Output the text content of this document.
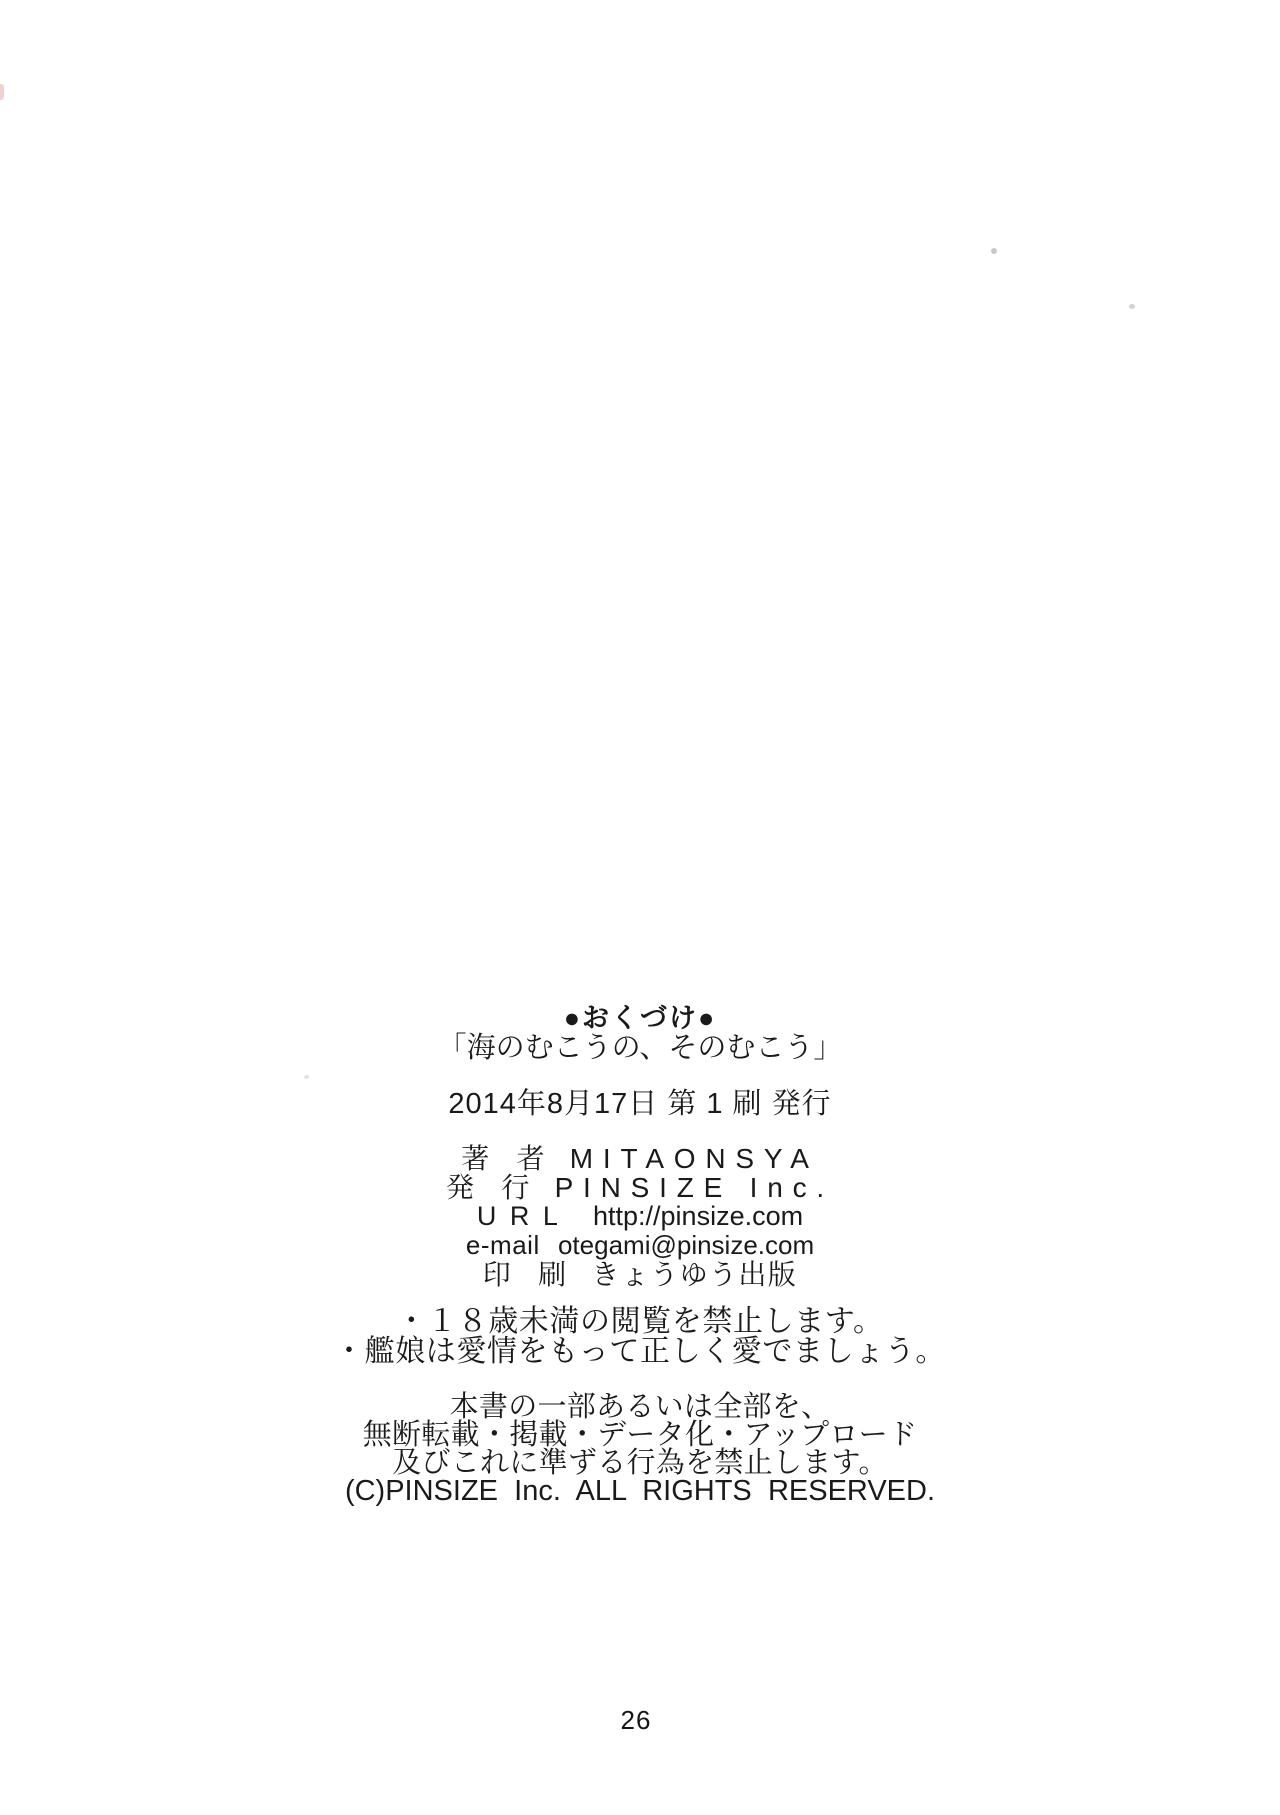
●おくづけ●
「海のむこうの、そのむこう」
2014年8月17日 第 1 刷 発行
著 者 MITAONSYA
発 行 PINSIZE Inc.
URL http://pinsize.com
e-mail otegami@pinsize.com
印 刷 きょうゆう出版
・１８歳未満の閲覧を禁止します。
・艦娘は愛情をもって正しく愛でましょう。
本書の一部あるいは全部を、
無断転載・掲載・データ化・アップロード
及びこれに準ずる行為を禁止します。
(C)PINSIZE Inc. ALL RIGHTS RESERVED.
26
